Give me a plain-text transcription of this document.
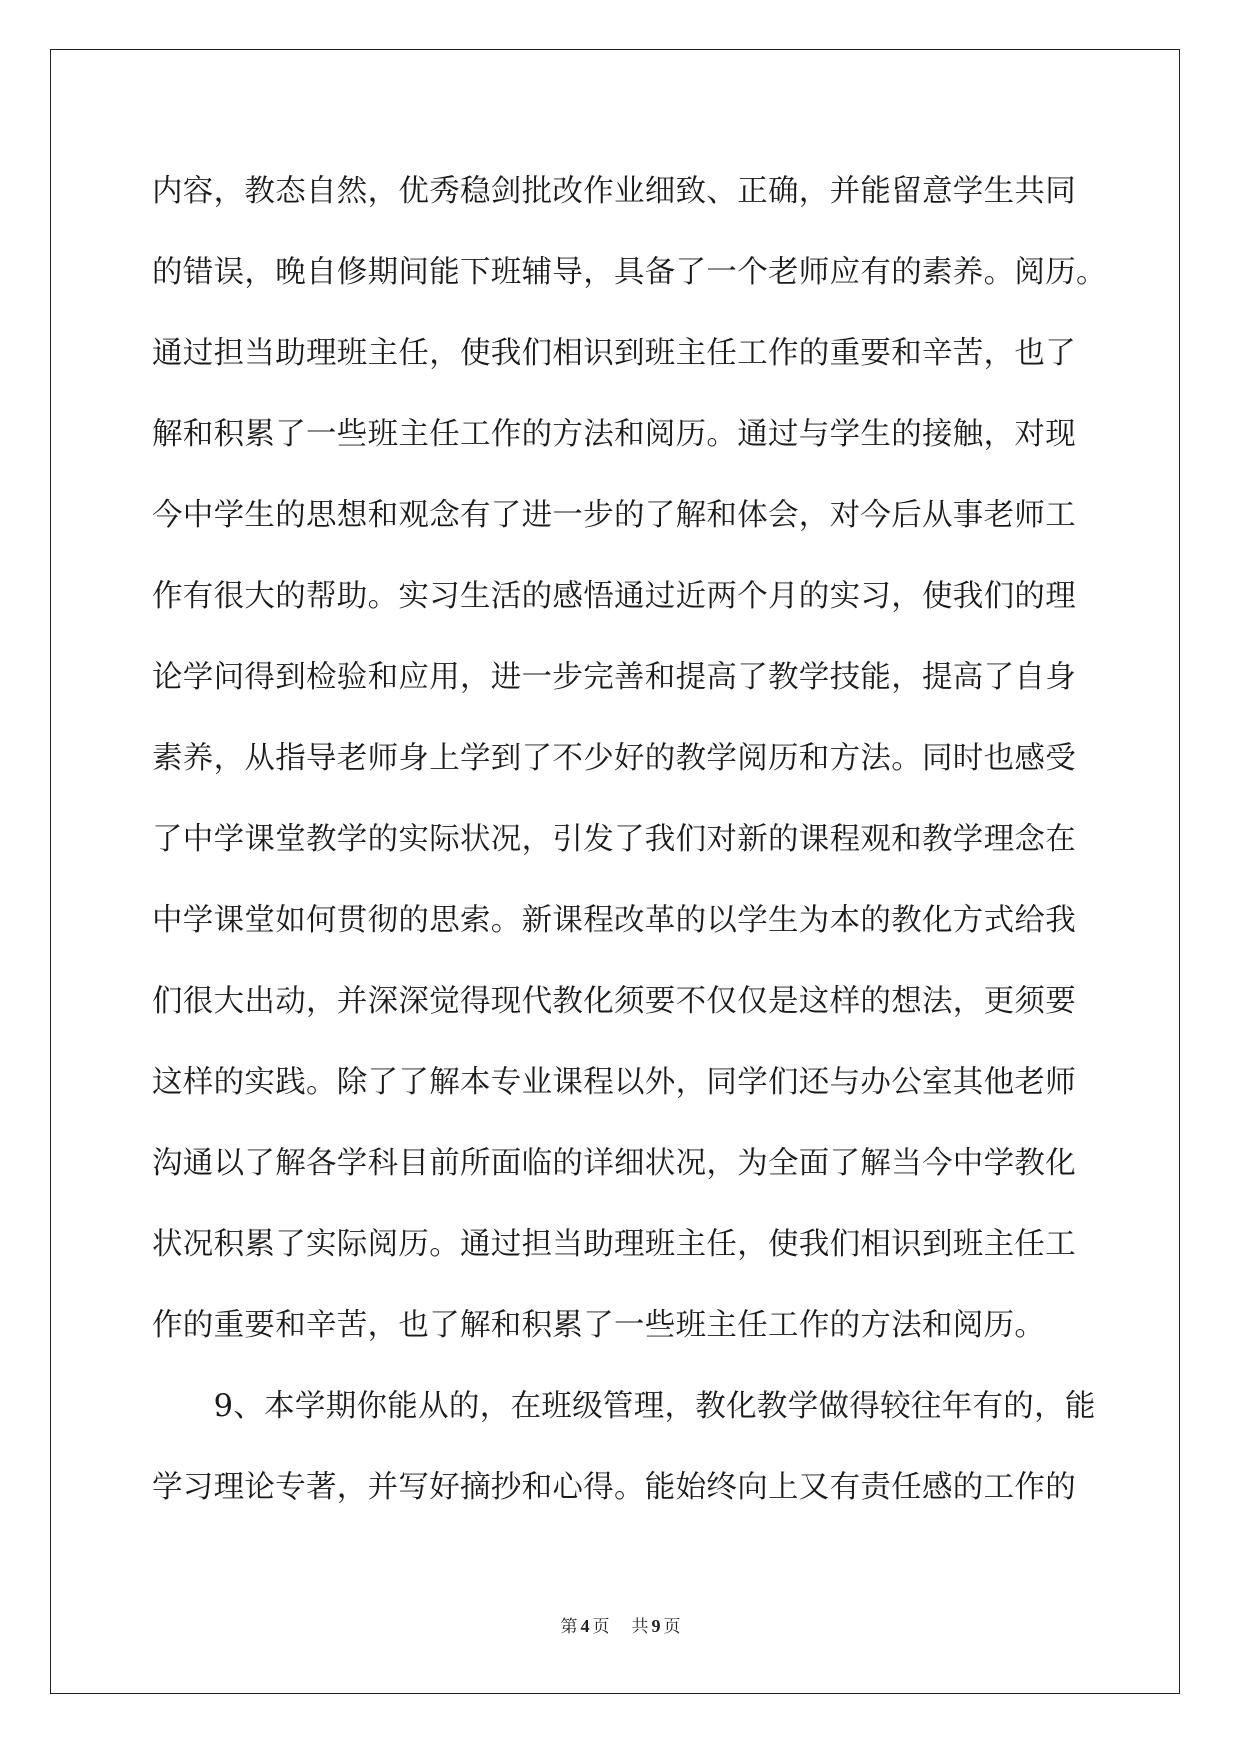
内容，教态自然，优秀稳剑批改作业细致、正确，并能留意学生共同
的错误，晚自修期间能下班辅导，具备了一个老师应有的素养。阅历。
通过担当助理班主任，使我们相识到班主任工作的重要和辛苦，也了
解和积累了一些班主任工作的方法和阅历。通过与学生的接触，对现
今中学生的思想和观念有了进一步的了解和体会，对今后从事老师工
作有很大的帮助。实习生活的感悟通过近两个月的实习，使我们的理
论学问得到检验和应用，进一步完善和提高了教学技能，提高了自身
素养，从指导老师身上学到了不少好的教学阅历和方法。同时也感受
了中学课堂教学的实际状况，引发了我们对新的课程观和教学理念在
中学课堂如何贯彻的思索。新课程改革的以学生为本的教化方式给我
们很大出动，并深深觉得现代教化须要不仅仅是这样的想法，更须要
这样的实践。除了了解本专业课程以外，同学们还与办公室其他老师
沟通以了解各学科目前所面临的详细状况，为全面了解当今中学教化
状况积累了实际阅历。通过担当助理班主任，使我们相识到班主任工
作的重要和辛苦，也了解和积累了一些班主任工作的方法和阅历。
　　9、本学期你能从的，在班级管理，教化教学做得较往年有的，能
学习理论专著，并写好摘抄和心得。能始终向上又有责任感的工作的
第 4 页 共 9 页
